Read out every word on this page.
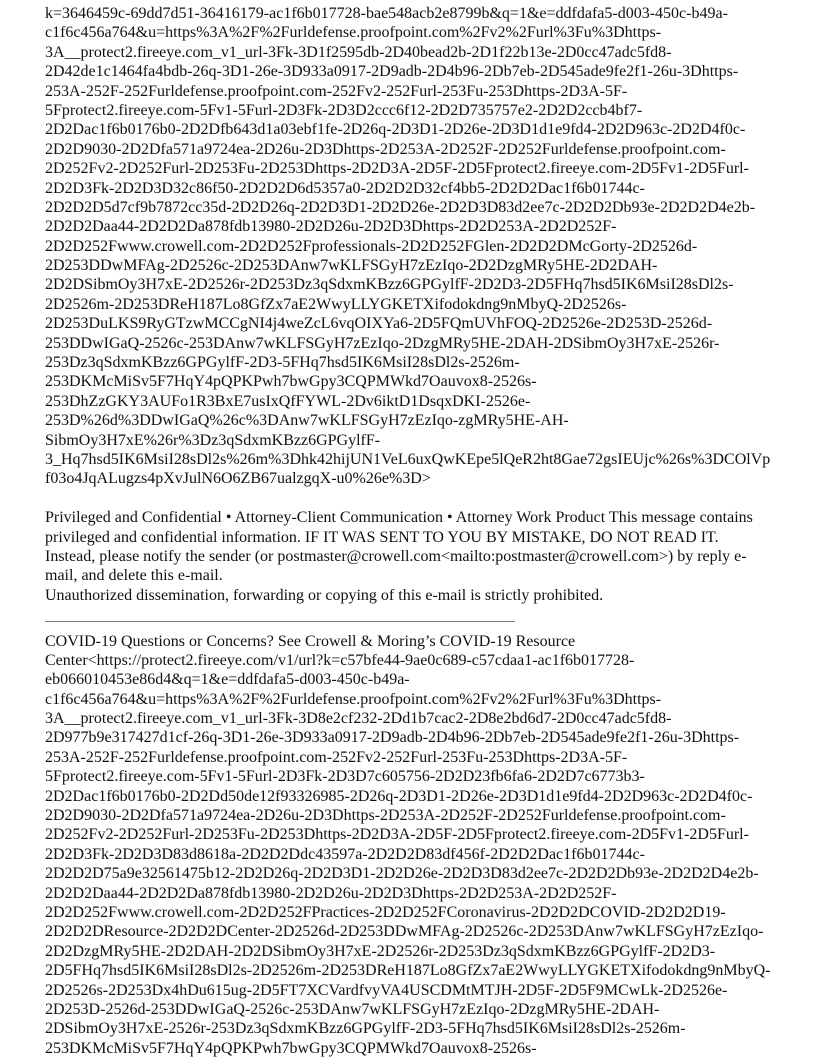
k=3646459c-69dd7d51-36416179-ac1f6b017728-bae548acb2e8799b&q=1&e=ddfdafa5-d003-450c-b49a-
c1f6c456a764&u=https%3A%2F%2Furldefense.proofpoint.com%2Fv2%2Furl%3Fu%3Dhttps-
3A__protect2.fireeye.com_v1_url-3Fk-3D1f2595db-2D40bead2b-2D1f22b13e-2D0cc47adc5fd8-
2D42de1c1464fa4bdb-26q-3D1-26e-3D933a0917-2D9adb-2D4b96-2Db7eb-2D545ade9fe2f1-26u-3Dhttps-
253A-252F-252Furldefense.proofpoint.com-252Fv2-252Furl-253Fu-253Dhttps-2D3A-5F-
5Fprotect2.fireeye.com-5Fv1-5Furl-2D3Fk-2D3D2ccc6f12-2D2D735757e2-2D2D2ccb4bf7-
2D2Dac1f6b0176b0-2D2Dfb643d1a03ebf1fe-2D26q-2D3D1-2D26e-2D3D1d1e9fd4-2D2D963c-2D2D4f0c-
2D2D9030-2D2Dfa571a9724ea-2D26u-2D3Dhttps-2D253A-2D252F-2D252Furldefense.proofpoint.com-
2D252Fv2-2D252Furl-2D253Fu-2D253Dhttps-2D2D3A-2D5F-2D5Fprotect2.fireeye.com-2D5Fv1-2D5Furl-
2D2D3Fk-2D2D3D32c86f50-2D2D2D6d5357a0-2D2D2D32cf4bb5-2D2D2Dac1f6b01744c-
2D2D2D5d7cf9b7872cc35d-2D2D26q-2D2D3D1-2D2D26e-2D2D3D83d2ee7c-2D2D2Db93e-2D2D2D4e2b-
2D2D2Daa44-2D2D2Da878fdb13980-2D2D26u-2D2D3Dhttps-2D2D253A-2D2D252F-
2D2D252Fwww.crowell.com-2D2D252Fprofessionals-2D2D252FGlen-2D2D2DMcGorty-2D2526d-
2D253DDwMFAg-2D2526c-2D253DAnw7wKLFSGyH7zEzIqo-2D2DzgMRy5HE-2D2DAH-
2D2DSibmOy3H7xE-2D2526r-2D253Dz3qSdxmKBzz6GPGylfF-2D2D3-2D5FHq7hsd5IK6MsiI28sDl2s-
2D2526m-2D253DReH187Lo8GfZx7aE2WwyLLYGKETXifodokdng9nMbyQ-2D2526s-
2D253DuLKS9RyGTzwMCCgNI4j4weZcL6vqOIXYa6-2D5FQmUVhFOQ-2D2526e-2D253D-2526d-
253DDwIGaQ-2526c-253DAnw7wKLFSGyH7zEzIqo-2DzgMRy5HE-2DAH-2DSibmOy3H7xE-2526r-
253Dz3qSdxmKBzz6GPGylfF-2D3-5FHq7hsd5IK6MsiI28sDl2s-2526m-
253DKMcMiSv5F7HqY4pQPKPwh7bwGpy3CQPMWkd7Oauvox8-2526s-
253DhZzGKY3AUFo1R3BxE7usIxQfFYWL-2Dv6iktD1DsqxDKI-2526e-
253D%26d%3DDwIGaQ%26c%3DAnw7wKLFSGyH7zEzIqo-zgMRy5HE-AH-
SibmOy3H7xE%26r%3Dz3qSdxmKBzz6GPGylfF-
3_Hq7hsd5IK6MsiI28sDl2s%26m%3Dhk42hijUN1VeL6uxQwKEpe5lQeR2ht8Gae72gsIEUjc%26s%3DCOlVp
f03o4JqALugzs4pXvJulN6O6ZB67ualzgqX-u0%26e%3D>
Privileged and Confidential • Attorney-Client Communication • Attorney Work Product This message contains
privileged and confidential information. IF IT WAS SENT TO YOU BY MISTAKE, DO NOT READ IT.
Instead, please notify the sender (or postmaster@crowell.com<mailto:postmaster@crowell.com>) by reply e-
mail, and delete this e-mail.
Unauthorized dissemination, forwarding or copying of this e-mail is strictly prohibited.
COVID-19 Questions or Concerns? See Crowell & Moring’s COVID-19 Resource
Center<https://protect2.fireeye.com/v1/url?k=c57bfe44-9ae0c689-c57cdaa1-ac1f6b017728-
eb066010453e86d4&q=1&e=ddfdafa5-d003-450c-b49a-
c1f6c456a764&u=https%3A%2F%2Furldefense.proofpoint.com%2Fv2%2Furl%3Fu%3Dhttps-
3A__protect2.fireeye.com_v1_url-3Fk-3D8e2cf232-2Dd1b7cac2-2D8e2bd6d7-2D0cc47adc5fd8-
2D977b9e317427d1cf-26q-3D1-26e-3D933a0917-2D9adb-2D4b96-2Db7eb-2D545ade9fe2f1-26u-3Dhttps-
253A-252F-252Furldefense.proofpoint.com-252Fv2-252Furl-253Fu-253Dhttps-2D3A-5F-
5Fprotect2.fireeye.com-5Fv1-5Furl-2D3Fk-2D3D7c605756-2D2D23fb6fa6-2D2D7c6773b3-
2D2Dac1f6b0176b0-2D2Dd50de12f93326985-2D26q-2D3D1-2D26e-2D3D1d1e9fd4-2D2D963c-2D2D4f0c-
2D2D9030-2D2Dfa571a9724ea-2D26u-2D3Dhttps-2D253A-2D252F-2D252Furldefense.proofpoint.com-
2D252Fv2-2D252Furl-2D253Fu-2D253Dhttps-2D2D3A-2D5F-2D5Fprotect2.fireeye.com-2D5Fv1-2D5Furl-
2D2D3Fk-2D2D3D83d8618a-2D2D2Ddc43597a-2D2D2D83df456f-2D2D2Dac1f6b01744c-
2D2D2D75a9e32561475b12-2D2D26q-2D2D3D1-2D2D26e-2D2D3D83d2ee7c-2D2D2Db93e-2D2D2D4e2b-
2D2D2Daa44-2D2D2Da878fdb13980-2D2D26u-2D2D3Dhttps-2D2D253A-2D2D252F-
2D2D252Fwww.crowell.com-2D2D252FPractices-2D2D252FCoronavirus-2D2D2DCOVID-2D2D2D19-
2D2D2DResource-2D2D2DCenter-2D2526d-2D253DDwMFAg-2D2526c-2D253DAnw7wKLFSGyH7zEzIqo-
2D2DzgMRy5HE-2D2DAH-2D2DSibmOy3H7xE-2D2526r-2D253Dz3qSdxmKBzz6GPGylfF-2D2D3-
2D5FHq7hsd5IK6MsiI28sDl2s-2D2526m-2D253DReH187Lo8GfZx7aE2WwyLLYGKETXifodokdng9nMbyQ-
2D2526s-2D253Dx4hDu615ug-2D5FT7XCVardfvyVA4USCDMtMTJH-2D5F-2D5F9MCwLk-2D2526e-
2D253D-2526d-253DDwIGaQ-2526c-253DAnw7wKLFSGyH7zEzIqo-2DzgMRy5HE-2DAH-
2DSibmOy3H7xE-2526r-253Dz3qSdxmKBzz6GPGylfF-2D3-5FHq7hsd5IK6MsiI28sDl2s-2526m-
253DKMcMiSv5F7HqY4pQPKPwh7bwGpy3CQPMWkd7Oauvox8-2526s-
